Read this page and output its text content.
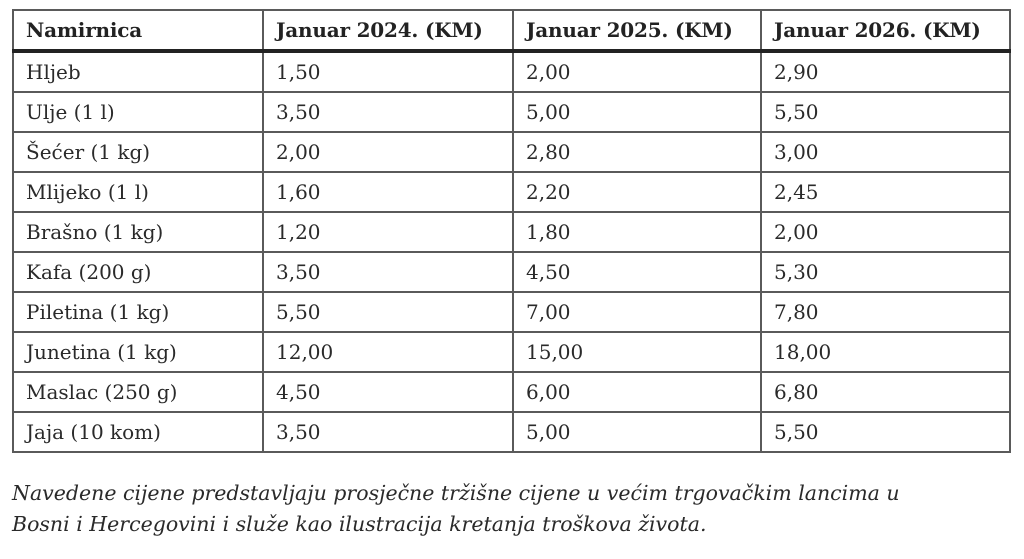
Namirnica	Januar 2024. (KM)	Januar 2025. (KM)	Januar 2026. (KM)
Hljeb	1,50	2,00	2,90
Ulje (1 l)	3,50	5,00	5,50
Šećer (1 kg)	2,00	2,80	3,00
Mlijeko (1 l)	1,60	2,20	2,45
Brašno (1 kg)	1,20	1,80	2,00
Kafa (200 g)	3,50	4,50	5,30
Piletina (1 kg)	5,50	7,00	7,80
Junetina (1 kg)	12,00	15,00	18,00
Maslac (250 g)	4,50	6,00	6,80
Jaja (10 kom)	3,50	5,00	5,50

Navedene cijene predstavljaju prosječne tržišne cijene u većim trgovačkim lancima u
Bosni i Hercegovini i služe kao ilustracija kretanja troškova života.
